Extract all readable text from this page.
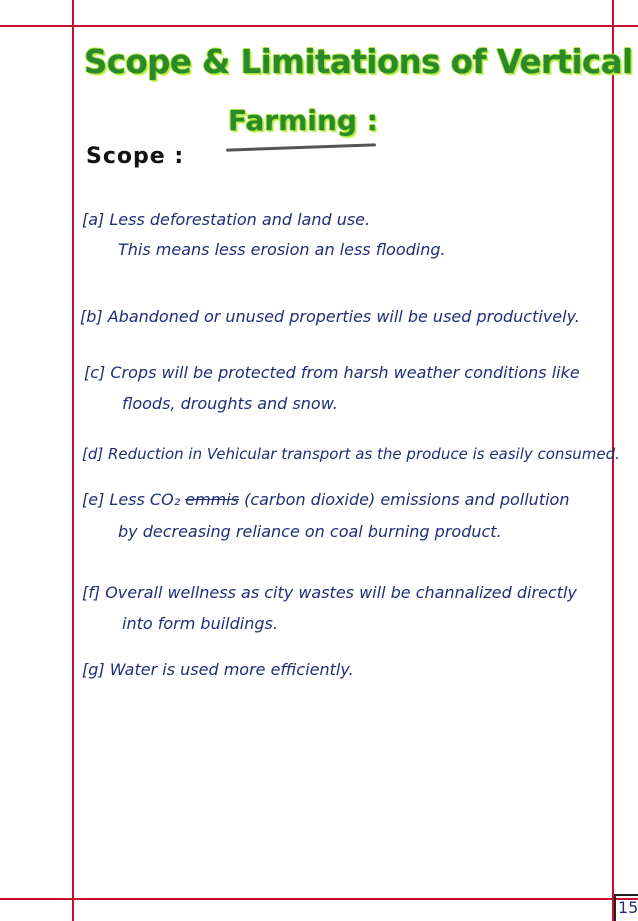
Scope & Limitations of Vertical
Farming :
Scope :

[a] Less deforestation and land use.

This means less erosion an less flooding.

[b] Abandoned or unused properties will be used productively.

[c] Crops will be protected from harsh weather conditions like

floods, droughts and snow.

[d] Reduction in Vehicular transport as the produce is easily consumed.

[e] Less CO₂ emmis (carbon dioxide) emissions and pollution

by decreasing reliance on coal burning product.

[f] Overall wellness as city wastes will be channalized directly

into form buildings.

[g] Water is used more efficiently.

15
